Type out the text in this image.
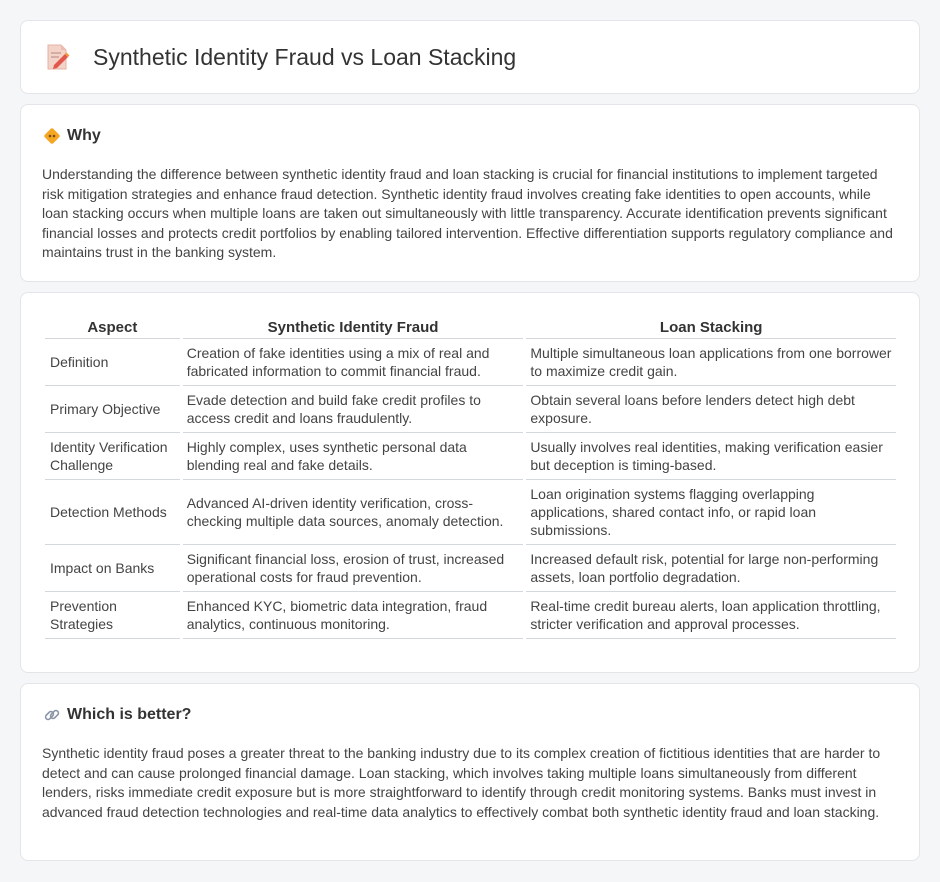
Synthetic Identity Fraud vs Loan Stacking
Why

Understanding the difference between synthetic identity fraud and loan stacking is crucial for financial institutions to implement targeted risk mitigation strategies and enhance fraud detection. Synthetic identity fraud involves creating fake identities to open accounts, while loan stacking occurs when multiple loans are taken out simultaneously with little transparency. Accurate identification prevents significant financial losses and protects credit portfolios by enabling tailored intervention. Effective differentiation supports regulatory compliance and maintains trust in the banking system.

Aspect	Synthetic Identity Fraud	Loan Stacking
Definition	Creation of fake identities using a mix of real and fabricated information to commit financial fraud.	Multiple simultaneous loan applications from one borrower to maximize credit gain.
Primary Objective	Evade detection and build fake credit profiles to access credit and loans fraudulently.	Obtain several loans before lenders detect high debt exposure.
Identity Verification Challenge	Highly complex, uses synthetic personal data blending real and fake details.	Usually involves real identities, making verification easier but deception is timing-based.
Detection Methods	Advanced AI-driven identity verification, cross-checking multiple data sources, anomaly detection.	Loan origination systems flagging overlapping applications, shared contact info, or rapid loan submissions.
Impact on Banks	Significant financial loss, erosion of trust, increased operational costs for fraud prevention.	Increased default risk, potential for large non-performing assets, loan portfolio degradation.
Prevention Strategies	Enhanced KYC, biometric data integration, fraud analytics, continuous monitoring.	Real-time credit bureau alerts, loan application throttling, stricter verification and approval processes.
Which is better?

Synthetic identity fraud poses a greater threat to the banking industry due to its complex creation of fictitious identities that are harder to detect and can cause prolonged financial damage. Loan stacking, which involves taking multiple loans simultaneously from different lenders, risks immediate credit exposure but is more straightforward to identify through credit monitoring systems. Banks must invest in advanced fraud detection technologies and real-time data analytics to effectively combat both synthetic identity fraud and loan stacking.
